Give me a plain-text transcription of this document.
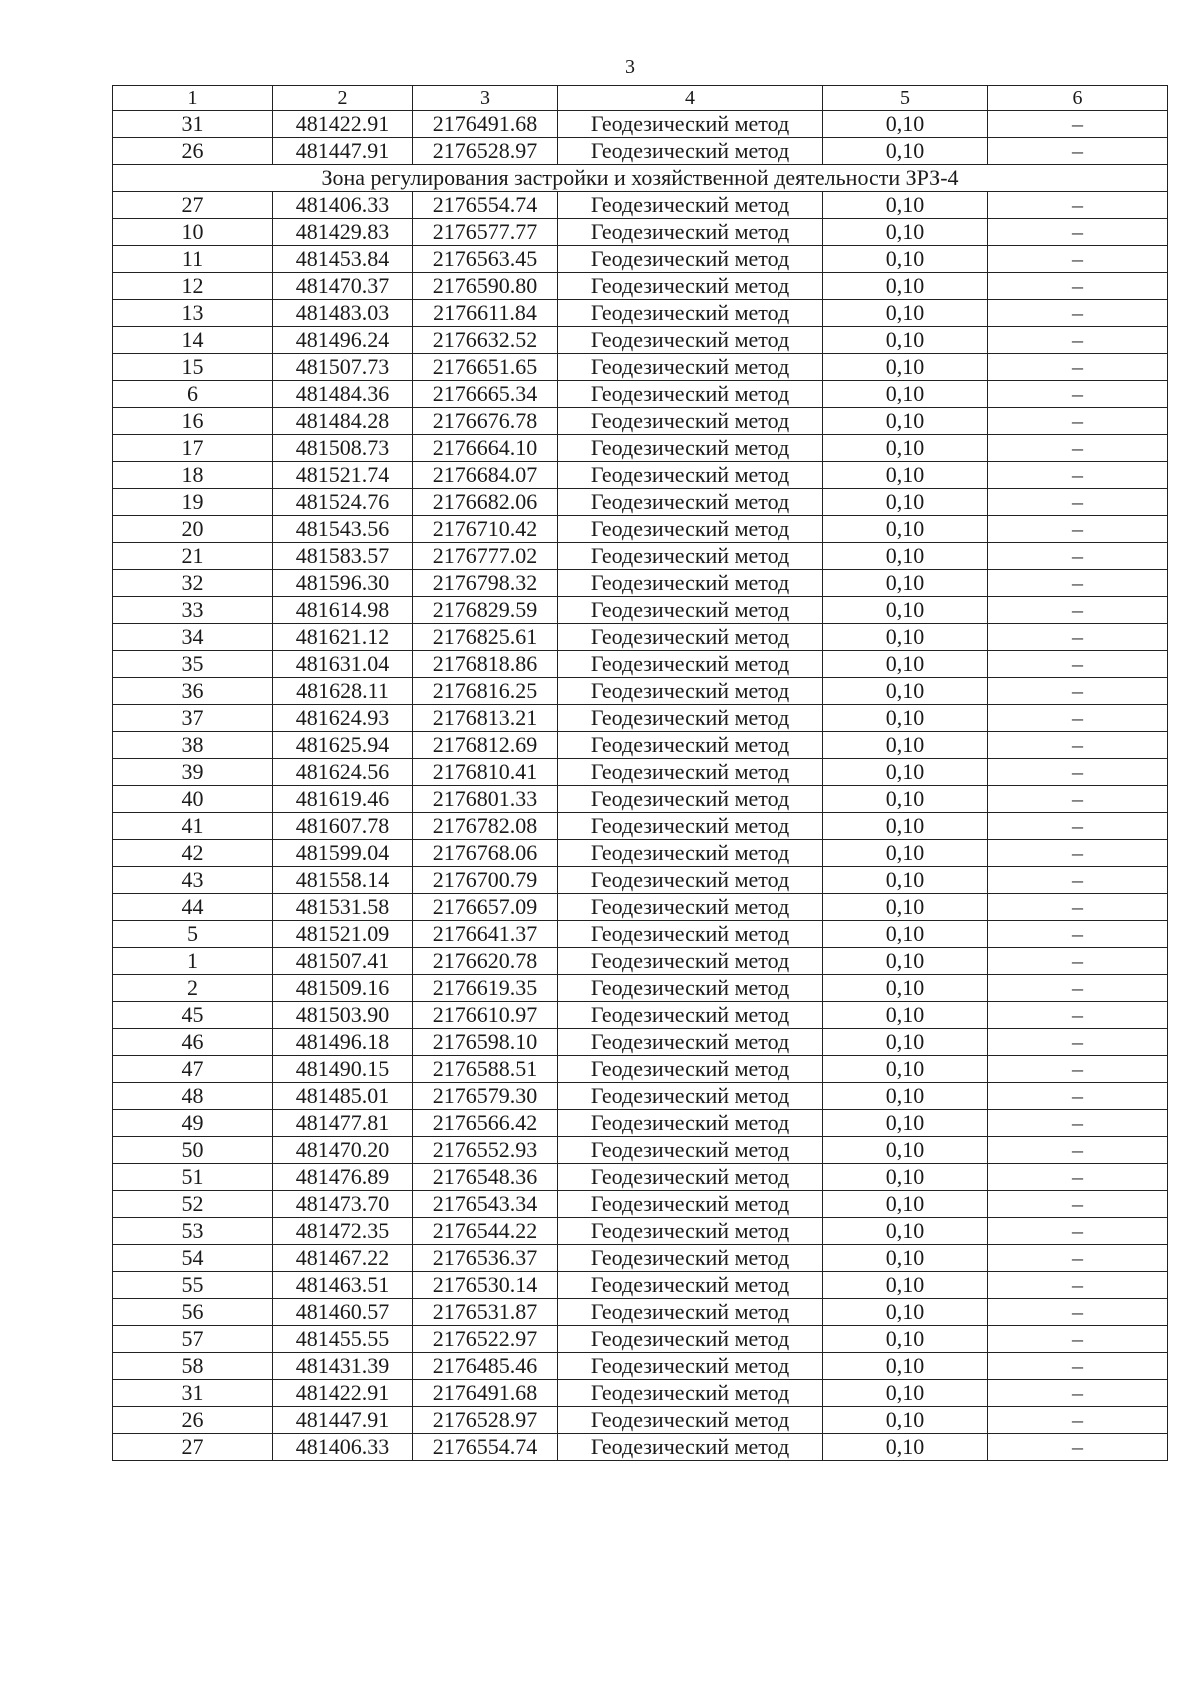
3
1	2	3	4	5	6
31	481422.91	2176491.68	Геодезический метод	0,10	–
26	481447.91	2176528.97	Геодезический метод	0,10	–
Зона регулирования застройки и хозяйственной деятельности ЗРЗ-4					
27	481406.33	2176554.74	Геодезический метод	0,10	–
10	481429.83	2176577.77	Геодезический метод	0,10	–
11	481453.84	2176563.45	Геодезический метод	0,10	–
12	481470.37	2176590.80	Геодезический метод	0,10	–
13	481483.03	2176611.84	Геодезический метод	0,10	–
14	481496.24	2176632.52	Геодезический метод	0,10	–
15	481507.73	2176651.65	Геодезический метод	0,10	–
6	481484.36	2176665.34	Геодезический метод	0,10	–
16	481484.28	2176676.78	Геодезический метод	0,10	–
17	481508.73	2176664.10	Геодезический метод	0,10	–
18	481521.74	2176684.07	Геодезический метод	0,10	–
19	481524.76	2176682.06	Геодезический метод	0,10	–
20	481543.56	2176710.42	Геодезический метод	0,10	–
21	481583.57	2176777.02	Геодезический метод	0,10	–
32	481596.30	2176798.32	Геодезический метод	0,10	–
33	481614.98	2176829.59	Геодезический метод	0,10	–
34	481621.12	2176825.61	Геодезический метод	0,10	–
35	481631.04	2176818.86	Геодезический метод	0,10	–
36	481628.11	2176816.25	Геодезический метод	0,10	–
37	481624.93	2176813.21	Геодезический метод	0,10	–
38	481625.94	2176812.69	Геодезический метод	0,10	–
39	481624.56	2176810.41	Геодезический метод	0,10	–
40	481619.46	2176801.33	Геодезический метод	0,10	–
41	481607.78	2176782.08	Геодезический метод	0,10	–
42	481599.04	2176768.06	Геодезический метод	0,10	–
43	481558.14	2176700.79	Геодезический метод	0,10	–
44	481531.58	2176657.09	Геодезический метод	0,10	–
5	481521.09	2176641.37	Геодезический метод	0,10	–
1	481507.41	2176620.78	Геодезический метод	0,10	–
2	481509.16	2176619.35	Геодезический метод	0,10	–
45	481503.90	2176610.97	Геодезический метод	0,10	–
46	481496.18	2176598.10	Геодезический метод	0,10	–
47	481490.15	2176588.51	Геодезический метод	0,10	–
48	481485.01	2176579.30	Геодезический метод	0,10	–
49	481477.81	2176566.42	Геодезический метод	0,10	–
50	481470.20	2176552.93	Геодезический метод	0,10	–
51	481476.89	2176548.36	Геодезический метод	0,10	–
52	481473.70	2176543.34	Геодезический метод	0,10	–
53	481472.35	2176544.22	Геодезический метод	0,10	–
54	481467.22	2176536.37	Геодезический метод	0,10	–
55	481463.51	2176530.14	Геодезический метод	0,10	–
56	481460.57	2176531.87	Геодезический метод	0,10	–
57	481455.55	2176522.97	Геодезический метод	0,10	–
58	481431.39	2176485.46	Геодезический метод	0,10	–
31	481422.91	2176491.68	Геодезический метод	0,10	–
26	481447.91	2176528.97	Геодезический метод	0,10	–
27	481406.33	2176554.74	Геодезический метод	0,10	–
